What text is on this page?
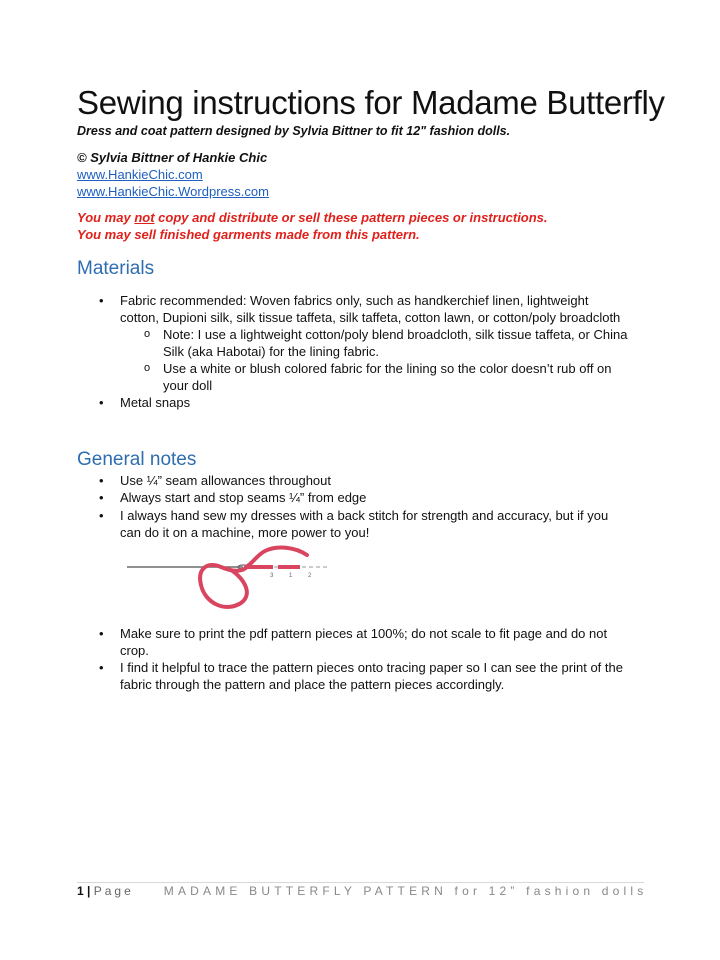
Sewing instructions for Madame Butterfly
Dress and coat pattern designed by Sylvia Bittner to fit 12" fashion dolls.
© Sylvia Bittner of Hankie Chic
www.HankieChic.com
www.HankieChic.Wordpress.com
You may not copy and distribute or sell these pattern pieces or instructions.
You may sell finished garments made from this pattern.
Materials
• Fabric recommended: Woven fabrics only, such as handkerchief linen, lightweight
cotton, Dupioni silk, silk tissue taffeta, silk taffeta, cotton lawn, or cotton/poly broadcloth
o Note: I use a lightweight cotton/poly blend broadcloth, silk tissue taffeta, or China
Silk (aka Habotai) for the lining fabric.
o Use a white or blush colored fabric for the lining so the color doesn’t rub off on
your doll
• Metal snaps
General notes
• Use ¼” seam allowances throughout
• Always start and stop seams ¼” from edge
• I always hand sew my dresses with a back stitch for strength and accuracy, but if you
can do it on a machine, more power to you!
• Make sure to print the pdf pattern pieces at 100%; do not scale to fit page and do not
crop.
• I find it helpful to trace the pattern pieces onto tracing paper so I can see the print of the
fabric through the pattern and place the pattern pieces accordingly.
3	1	2
1 | Page	MADAME BUTTERFLY PATTERN for 12” fashion dolls
